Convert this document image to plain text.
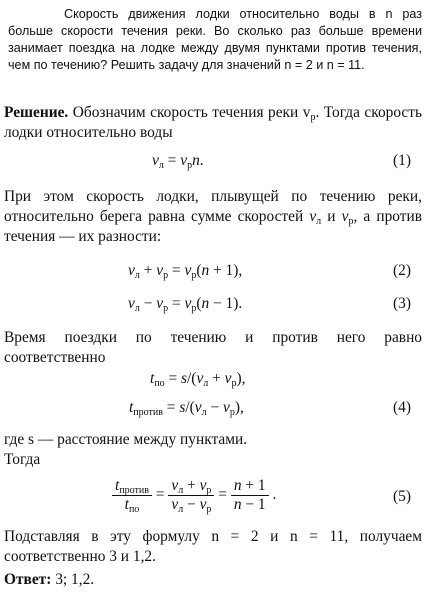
Скорость движения лодки относительно воды в n раз больше скорости течения реки. Во сколько раз больше времени занимает поездка на лодке между двумя пунктами против течения, чем по течению? Решить задачу для значений n = 2 и n = 11.

Решение. Обозначим скорость течения реки $v_р$. Тогда скорость лодки относительно воды

$v_л = v_рn$.	(1)

При этом скорость лодки, плывущей по течению реки, относительно берега равна сумме скоростей $v_л$ и $v_р$, а против течения — их разности:

$v_л + v_р = v_р(n + 1)$,	(2)
$v_л - v_р = v_р(n - 1)$.	(3)

Время поездки по течению и против него равно соответственно

$t_{по} = s/(v_л + v_р)$,
$t_{против} = s/(v_л - v_р)$,	(4)

где s — расстояние между пунктами.
Тогда

$\frac{t_{против}}{t_{по}} = \frac{v_л + v_р}{v_л - v_р} = \frac{n + 1}{n - 1}$ .	(5)

Подставляя в эту формулу n = 2 и n = 11, получаем соответственно 3 и 1,2.

Ответ: 3; 1,2.
